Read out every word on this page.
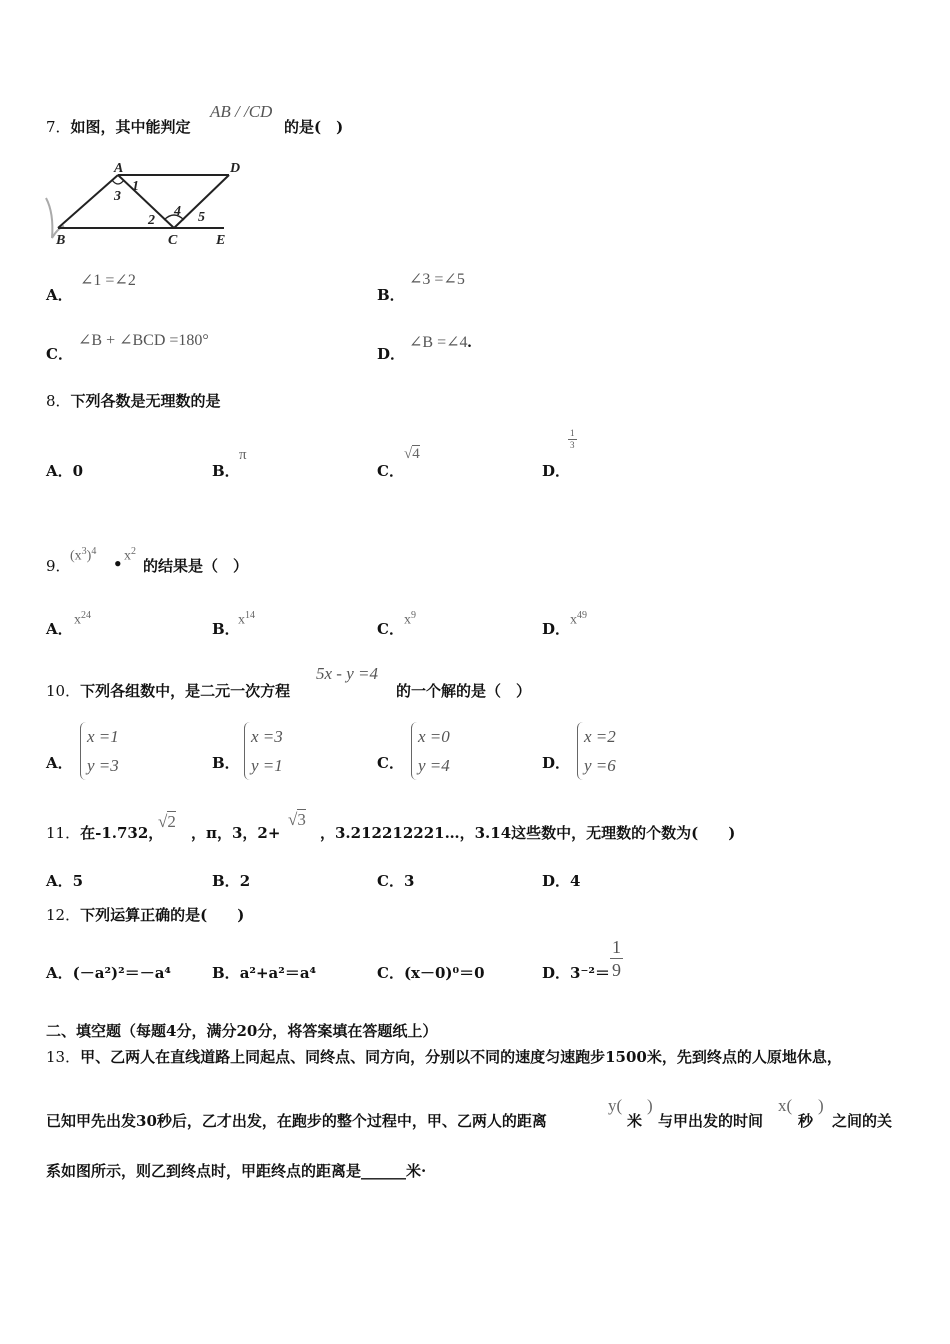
7．如图，其中能判定
AB / /CD
的是(　)
A	D
1
3
2
4 5
B	C	E
A．
∠1 =∠2
B．
∠3 =∠5
C．
∠B + ∠BCD =180°
D．
∠B =∠4.
8．下列各数是无理数的是
A．0	B．
π
C．
√4
D．
$\frac{1}{3}$
9．
$(x^3)^4$
• $x^2$
的结果是（　）
A． $x^{24}$
B．
$x^{14}$
C． $x^9$
D． $x^{49}$
10．下列各组数中，是二元一次方程
5x - y =4
的一个解的是（　）
A．
x =1
y =3	B．
x =3
y =1	C．
x =0
y =4	D．
x =2
y =6
11．在-1.732，
√2
，π，3，2+
√3
，3.212212221…，3.14这些数中，无理数的个数为(　　)
A．5	B．2	C．3	D．4
12．下列运算正确的是(　　)
A．(－a²)²＝－a⁴	B．a²+a²＝a⁴	C．(x－0)⁰＝0	D．$3^{-2}= \frac{1}{9}$
二、填空题（每题4分，满分20分，将答案填在答题纸上）
13．甲、乙两人在直线道路上同起点、同终点、同方向，分别以不同的速度匀速跑步1500米，先到终点的人原地休息，
已知甲先出发30秒后，乙才出发，在跑步的整个过程中，甲、乙两人的距离
y(
米
)
与甲出发的时间
x(
秒
)
之间的关
系如图所示，则乙到终点时，甲距终点的距离是______米·
